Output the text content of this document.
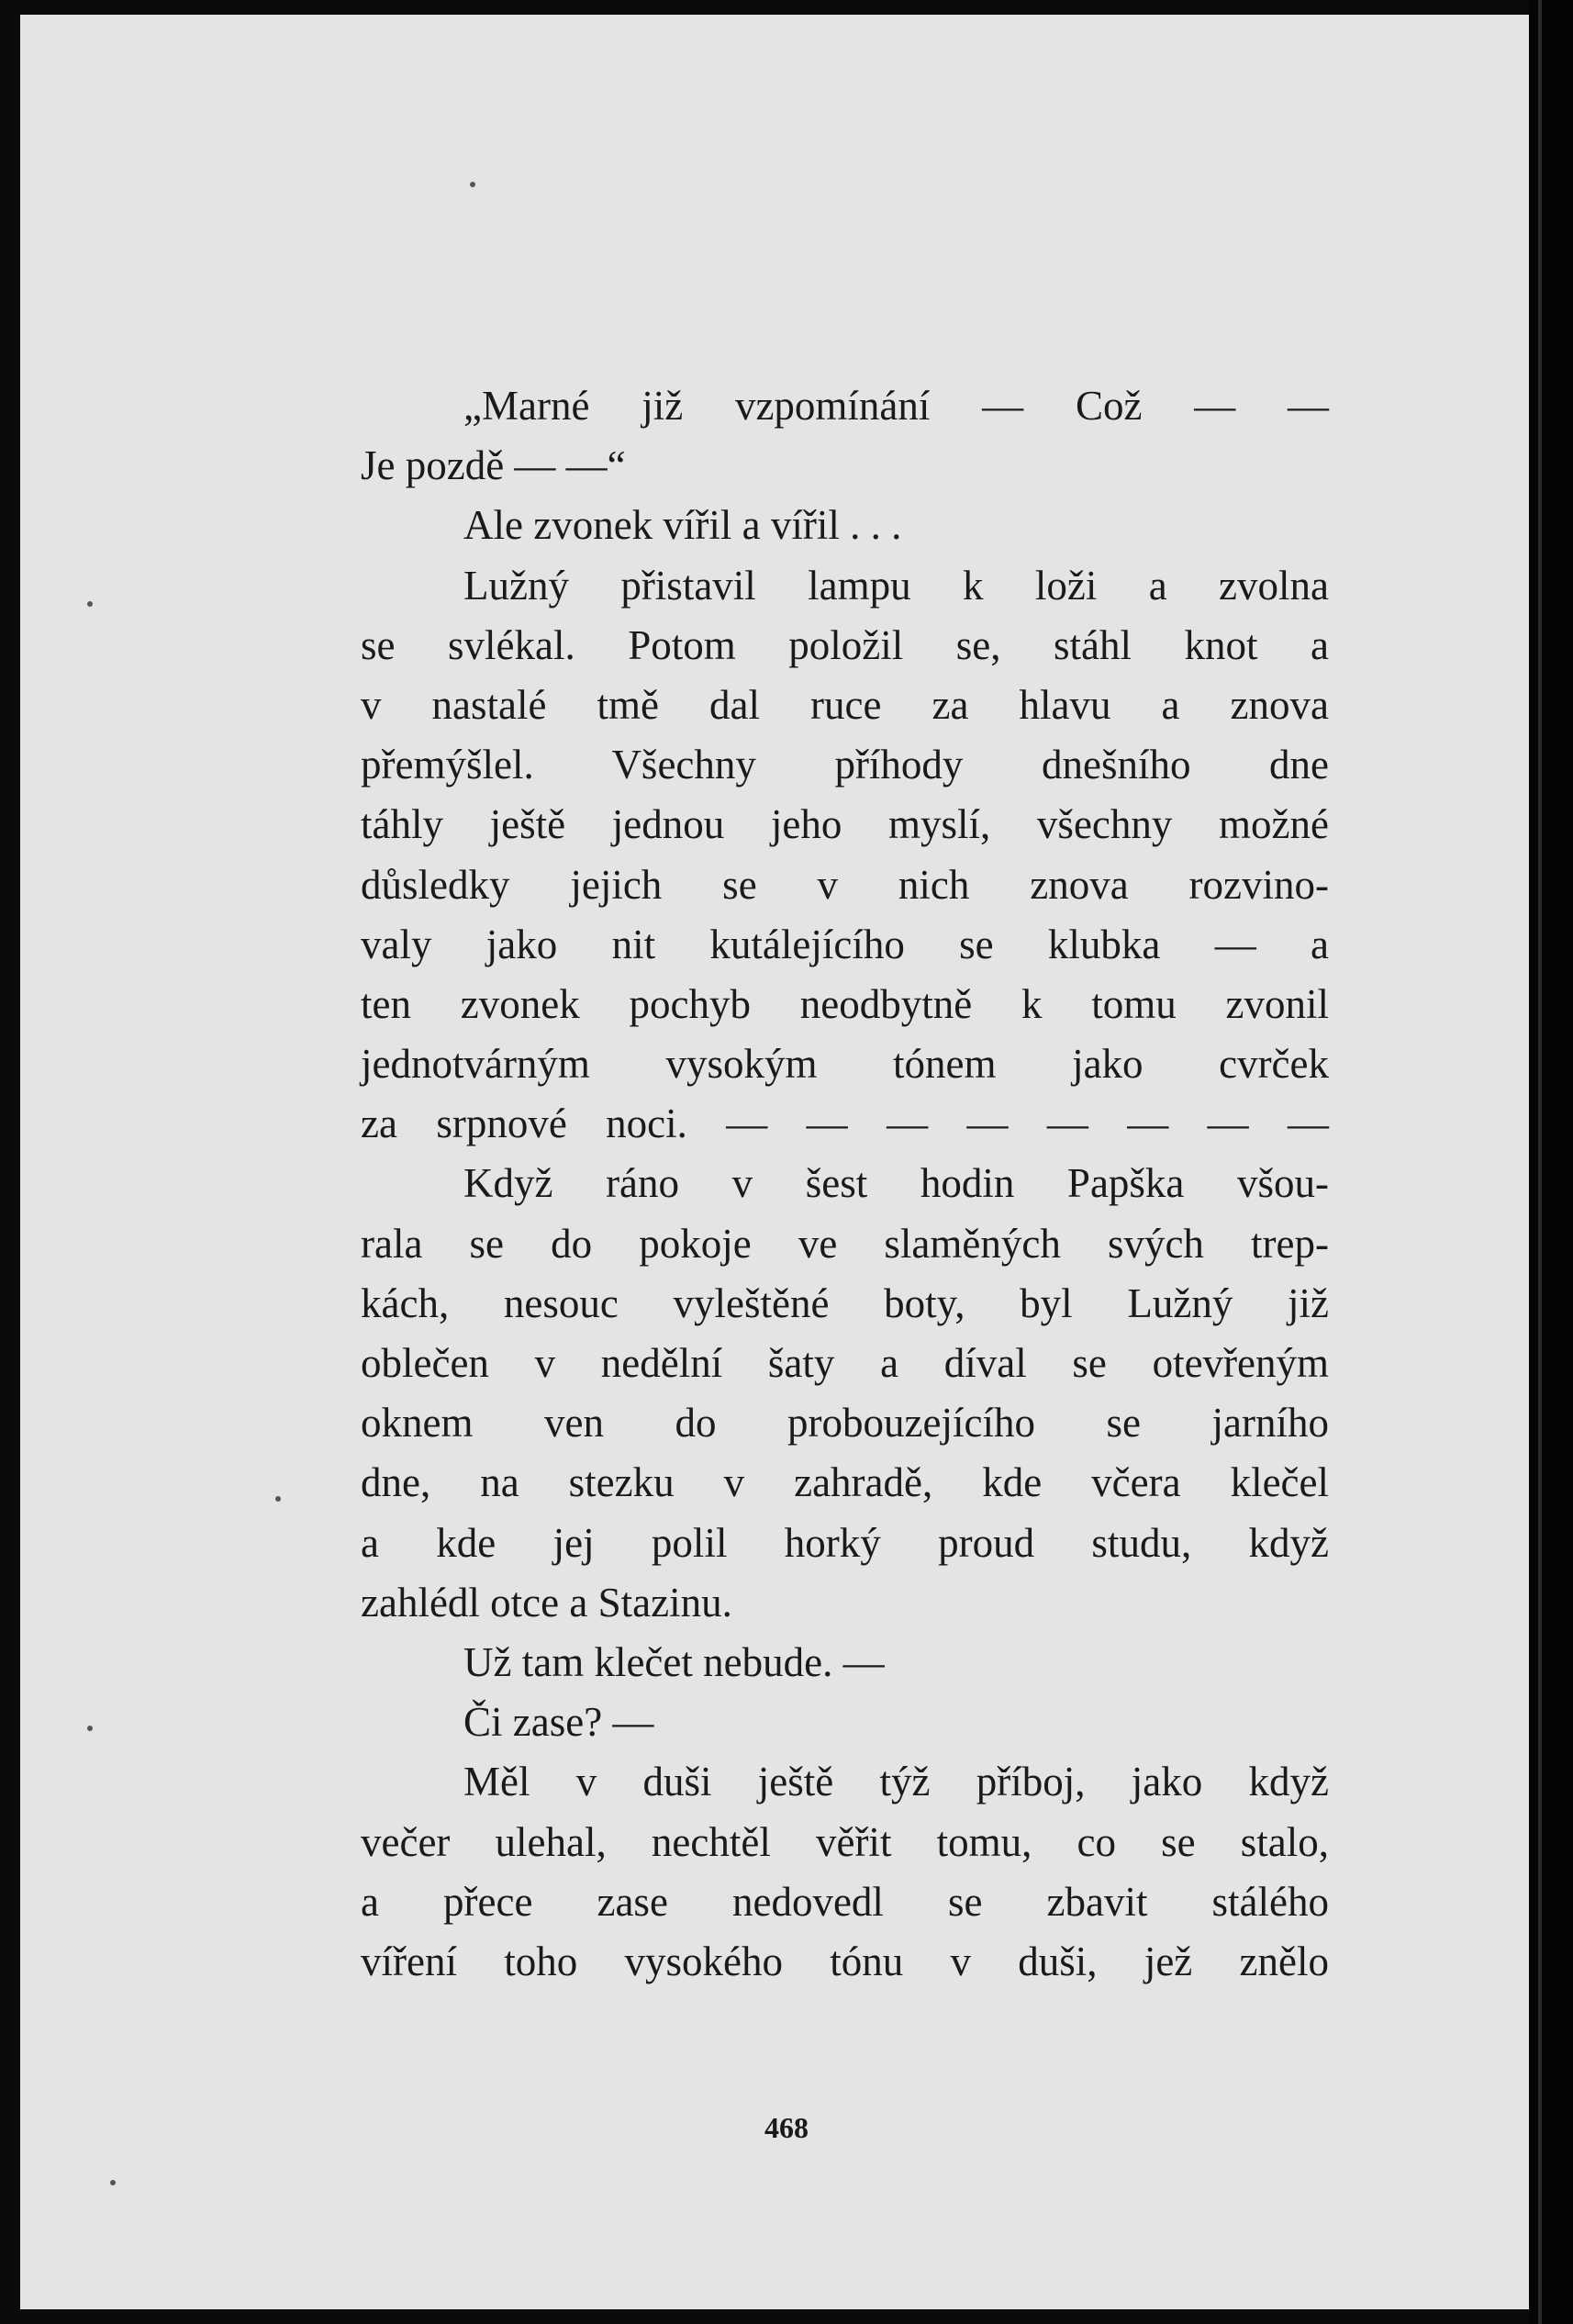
„Marné již vzpomínání — Což — —
Je pozdě — —“
Ale zvonek vířil a vířil . . .
Lužný přistavil lampu k loži a zvolna
se svlékal. Potom položil se, stáhl knot a
v nastalé tmě dal ruce za hlavu a znova
přemýšlel. Všechny příhody dnešního dne
táhly ještě jednou jeho myslí, všechny možné
důsledky jejich se v nich znova rozvino-
valy jako nit kutálejícího se klubka — a
ten zvonek pochyb neodbytně k tomu zvonil
jednotvárným vysokým tónem jako cvrček
za srpnové noci. — — — — — — — —
Když ráno v šest hodin Papška všou-
rala se do pokoje ve slaměných svých trep-
kách, nesouc vyleštěné boty, byl Lužný již
oblečen v nedělní šaty a díval se otevřeným
oknem ven do probouzejícího se jarního
dne, na stezku v zahradě, kde včera klečel
a kde jej polil horký proud studu, když
zahlédl otce a Stazinu.
Už tam klečet nebude. —
Či zase? —
Měl v duši ještě týž příboj, jako když
večer ulehal, nechtěl věřit tomu, co se stalo,
a přece zase nedovedl se zbavit stálého
víření toho vysokého tónu v duši, jež znělo
468
